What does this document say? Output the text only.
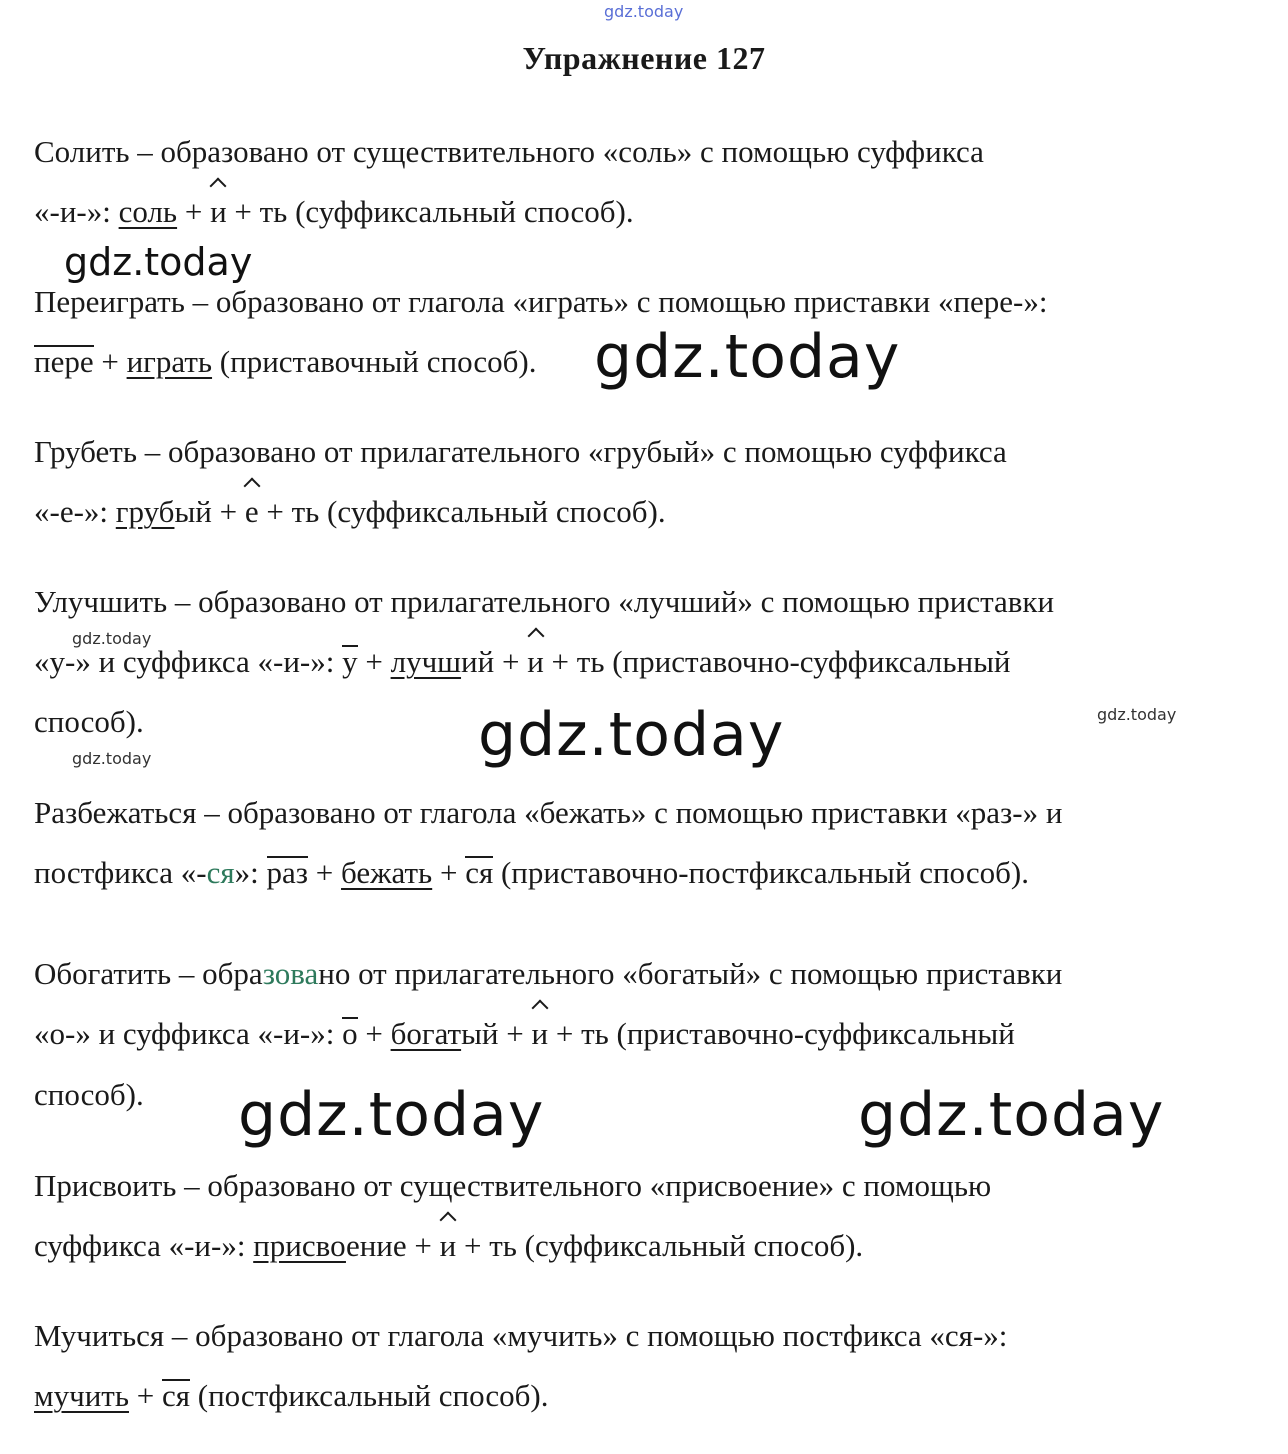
gdz.today
Упражнение 127
Солить – образовано от существительного «соль» с помощью суффикса
«-и-»: соль + и + ть (суффиксальный способ).
gdz.today
Переиграть – образовано от глагола «играть» с помощью приставки «пере-»:
пере + играть (приставочный способ). gdz.today
Грубеть – образовано от прилагательного «грубый» с помощью суффикса
«-е-»: грубый + е + ть (суффиксальный способ).
Улучшить – образовано от прилагательного «лучший» с помощью приставки
gdz.today
«у-» и суффикса «-и-»: у + лучший + и + ть (приставочно-суффиксальный
способ).	gdz.today	gdz.today
gdz.today
Разбежаться – образовано от глагола «бежать» с помощью приставки «раз-» и
постфикса «-ся»: раз + бежать + ся (приставочно-постфиксальный способ).
Обогатить – образовано от прилагательного «богатый» с помощью приставки
«о-» и суффикса «-и-»: о + богатый + и + ть (приставочно-суффиксальный
способ). gdz.today	gdz.today
Присвоить – образовано от существительного «присвоение» с помощью
суффикса «-и-»: присвоение + и + ть (суффиксальный способ).
Мучиться – образовано от глагола «мучить» с помощью постфикса «ся-»:
мучить + ся (постфиксальный способ).
